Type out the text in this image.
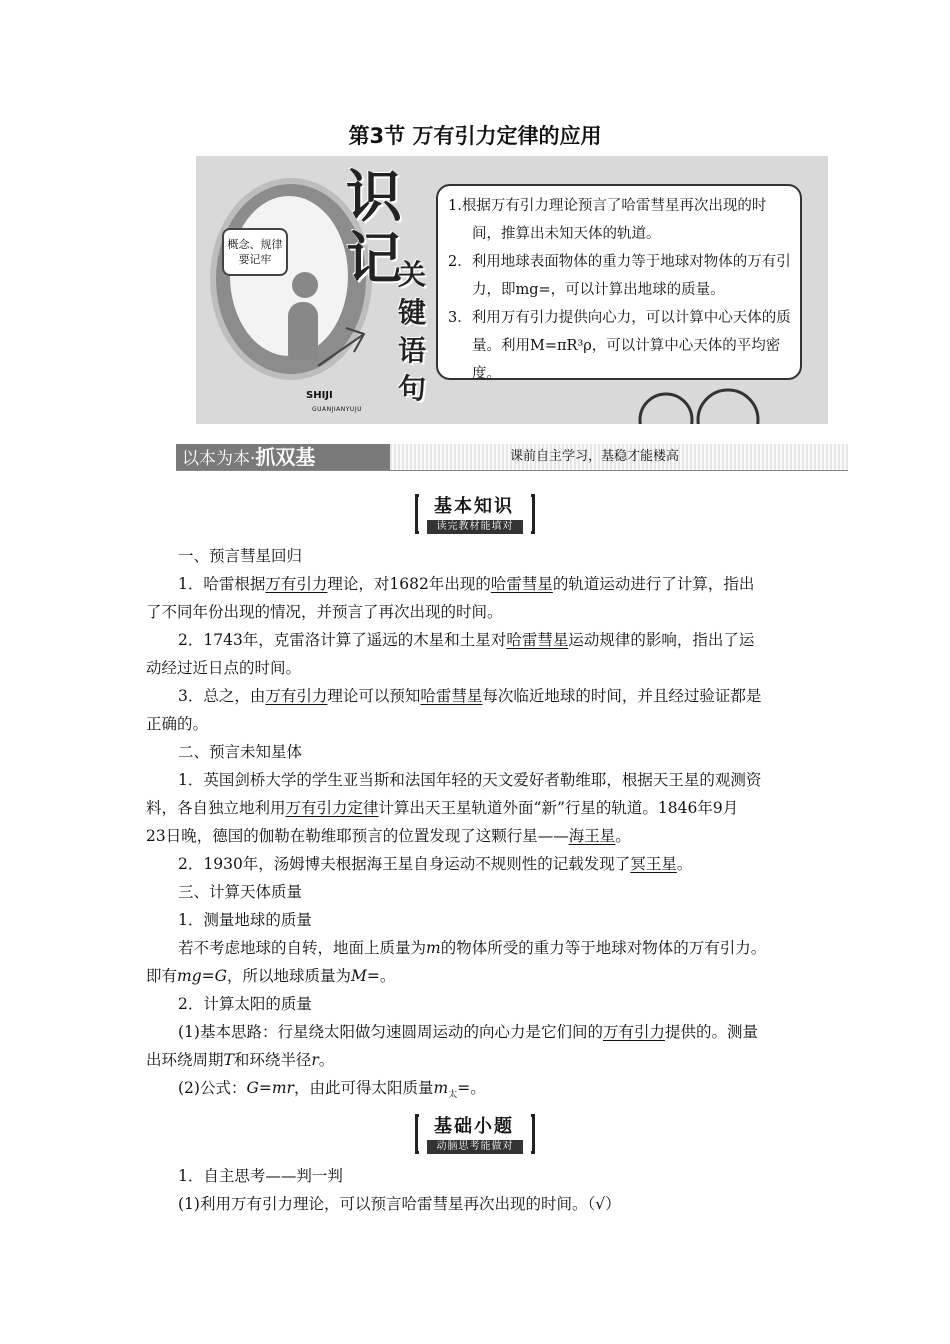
第3节 万有引力定律的应用
概念、规律
要记牢
识
记
关
键
语
句
SHIJI
GUANJIANYUJU
1.根据万有引力理论预言了哈雷彗星再次出现的时间，推算出未知天体的轨道。
2．利用地球表面物体的重力等于地球对物体的万有引力，即mg=，可以计算出地球的质量。
3．利用万有引力提供向心力，可以计算中心天体的质量。利用M=πR³ρ，可以计算中心天体的平均密度。
以本为本·抓双基	课前自主学习，基稳才能楼高
基本知识
读完教材能填对
一、预言彗星回归
1．哈雷根据万有引力理论，对1682年出现的哈雷彗星的轨道运动进行了计算，指出
了不同年份出现的情况，并预言了再次出现的时间。
2．1743年，克雷洛计算了遥远的木星和土星对哈雷彗星运动规律的影响，指出了运
动经过近日点的时间。
3．总之，由万有引力理论可以预知哈雷彗星每次临近地球的时间，并且经过验证都是
正确的。
二、预言未知星体
1．英国剑桥大学的学生亚当斯和法国年轻的天文爱好者勒维耶，根据天王星的观测资
料，各自独立地利用万有引力定律计算出天王星轨道外面“新”行星的轨道。1846年9月
23日晚，德国的伽勒在勒维耶预言的位置发现了这颗行星——海王星。
2．1930年，汤姆博夫根据海王星自身运动不规则性的记载发现了冥王星。
三、计算天体质量
1．测量地球的质量
若不考虑地球的自转，地面上质量为m的物体所受的重力等于地球对物体的万有引力。
即有mg=G，所以地球质量为M=。
2．计算太阳的质量
(1)基本思路：行星绕太阳做匀速圆周运动的向心力是它们间的万有引力提供的。测量
出环绕周期T和环绕半径r。
(2)公式：G=mr，由此可得太阳质量$m_太=$。
基础小题
动脑思考能做对
1．自主思考——判一判
(1)利用万有引力理论，可以预言哈雷彗星再次出现的时间。（√）
